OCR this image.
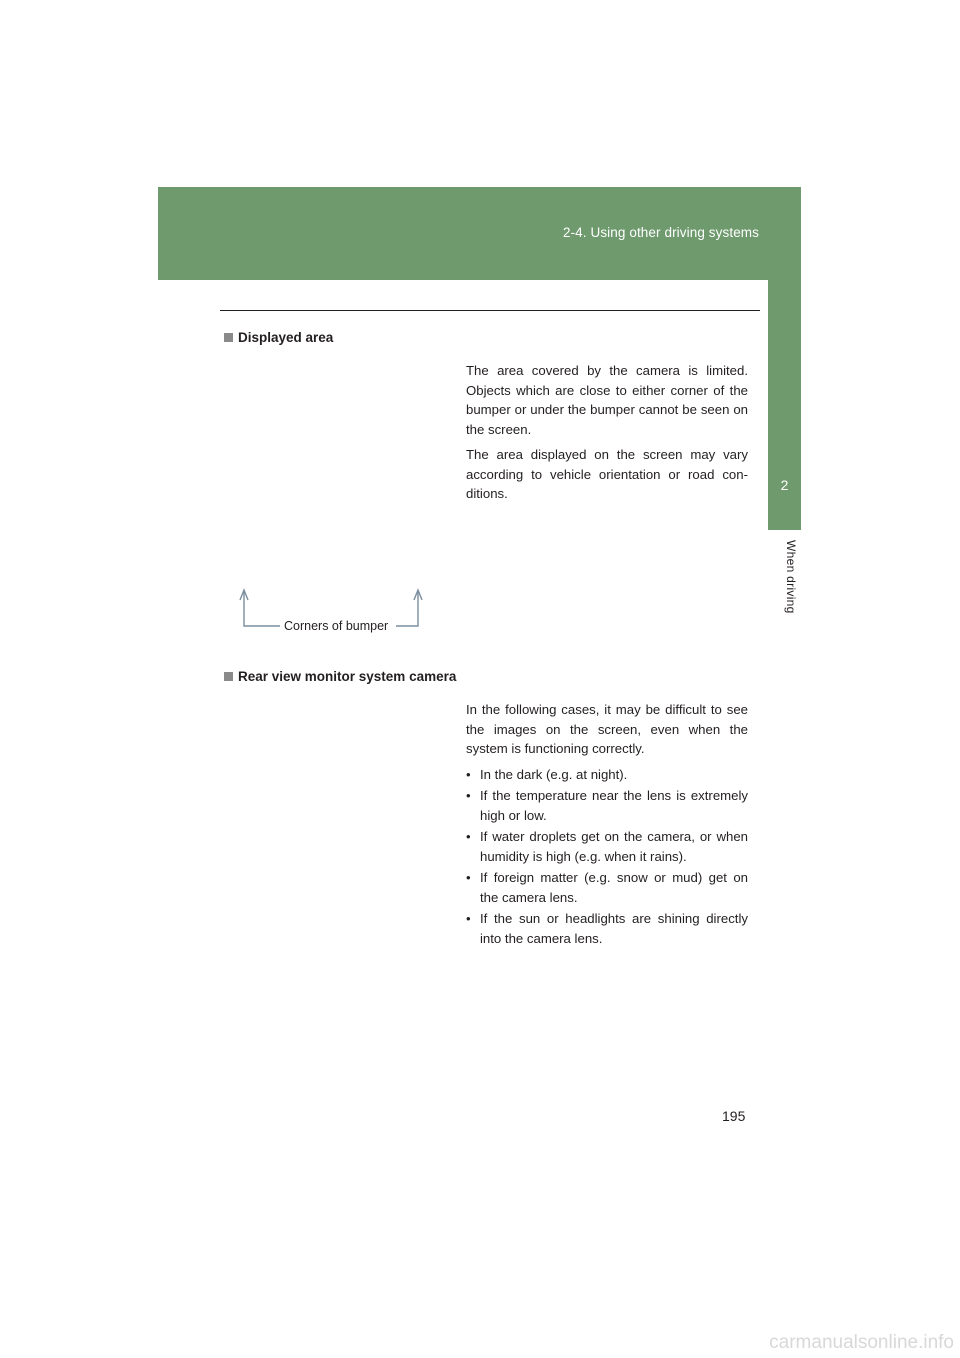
2-4. Using other driving systems
2
When driving
Displayed area

The area covered by the camera is limited. Objects which are close to either corner of the bumper or under the bumper cannot be seen on the screen.

The area displayed on the screen may vary according to vehicle orientation or road con-ditions.

Corners of bumper
Rear view monitor system camera

In the following cases, it may be difficult to see the images on the screen, even when the system is functioning correctly.

• In the dark (e.g. at night).
• If the temperature near the lens is extremely high or low.
• If water droplets get on the camera, or when humidity is high (e.g. when it rains).
• If foreign matter (e.g. snow or mud) get on the camera lens.
• If the sun or headlights are shining directly into the camera lens.
195
carmanualsonline.info
